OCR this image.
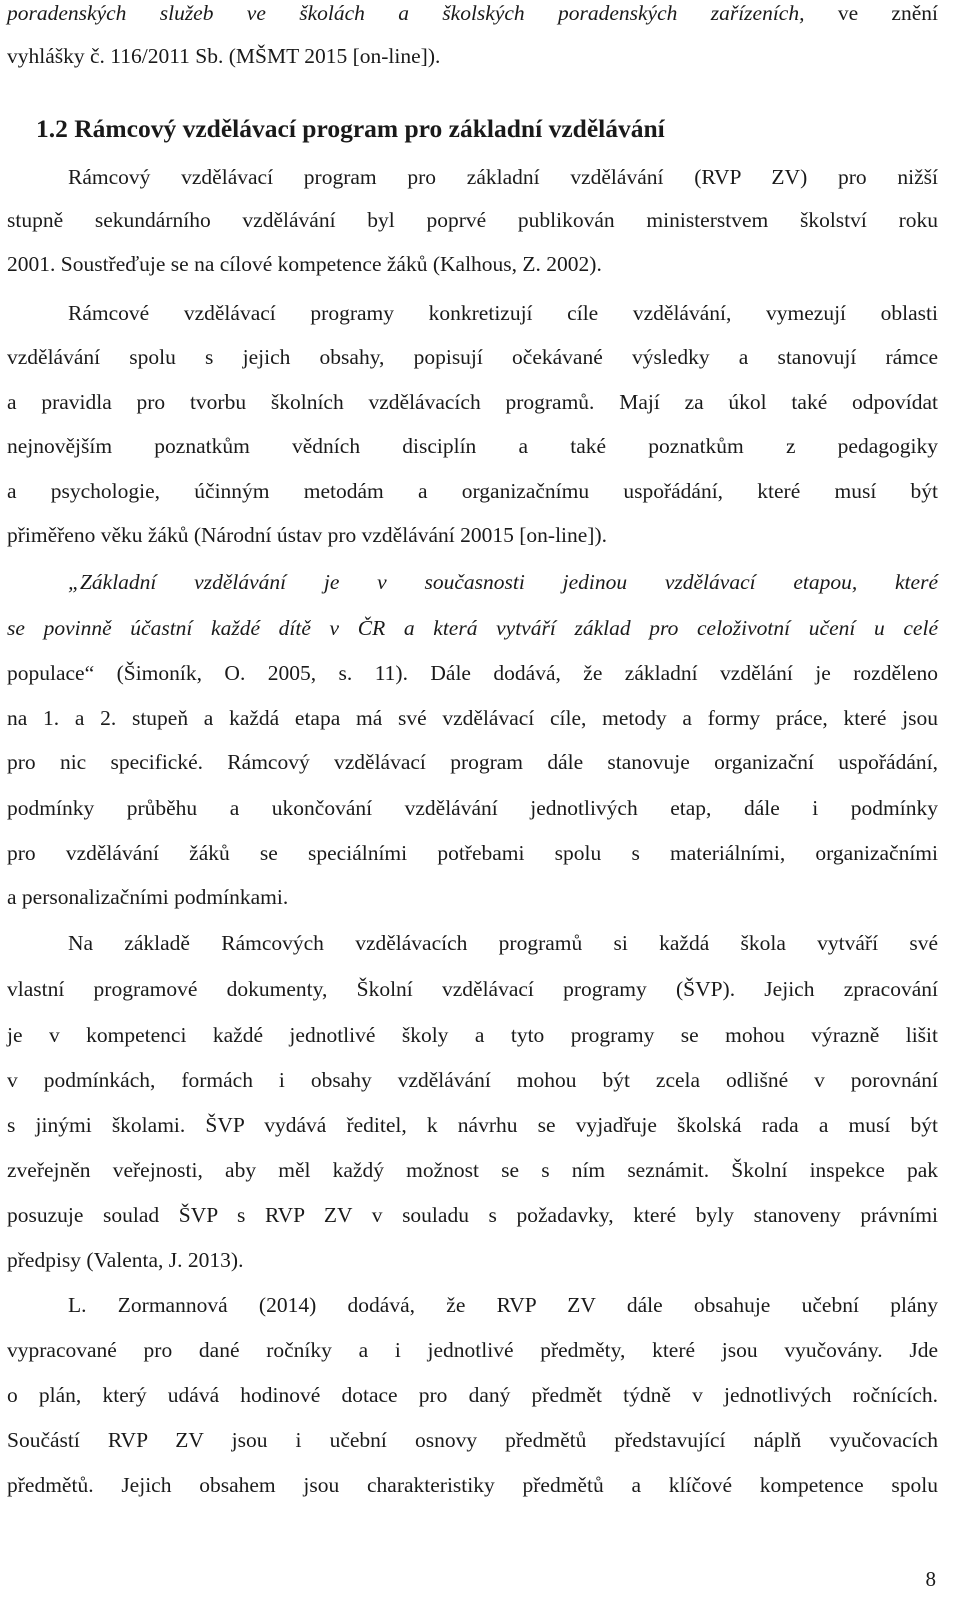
poradenských služeb ve školách a školských poradenských zařízeních, ve znění
vyhlášky č. 116/2011 Sb. (MŠMT 2015 [on-line]).
1.2 Rámcový vzdělávací program pro základní vzdělávání
Rámcový vzdělávací program pro základní vzdělávání (RVP ZV) pro nižší
stupně sekundárního vzdělávání byl poprvé publikován ministerstvem školství roku
2001. Soustřeďuje se na cílové kompetence žáků (Kalhous, Z. 2002).
Rámcové vzdělávací programy konkretizují cíle vzdělávání, vymezují oblasti
vzdělávání spolu s jejich obsahy, popisují očekávané výsledky a stanovují rámce
a pravidla pro tvorbu školních vzdělávacích programů. Mají za úkol také odpovídat
nejnovějším poznatkům vědních disciplín a také poznatkům z pedagogiky
a psychologie, účinným metodám a organizačnímu uspořádání, které musí být
přiměřeno věku žáků (Národní ústav pro vzdělávání 20015 [on-line]).
„Základní vzdělávání je v současnosti jedinou vzdělávací etapou, které
se povinně účastní každé dítě v ČR a která vytváří základ pro celoživotní učení u celé
populace“ (Šimoník, O. 2005, s. 11). Dále dodává, že základní vzdělání je rozděleno
na 1. a 2. stupeň a každá etapa má své vzdělávací cíle, metody a formy práce, které jsou
pro nic specifické. Rámcový vzdělávací program dále stanovuje organizační uspořádání,
podmínky průběhu a ukončování vzdělávání jednotlivých etap, dále i podmínky
pro vzdělávání žáků se speciálními potřebami spolu s materiálními, organizačními
a personalizačními podmínkami.
Na základě Rámcových vzdělávacích programů si každá škola vytváří své
vlastní programové dokumenty, Školní vzdělávací programy (ŠVP). Jejich zpracování
je v kompetenci každé jednotlivé školy a tyto programy se mohou výrazně lišit
v podmínkách, formách i obsahy vzdělávání mohou být zcela odlišné v porovnání
s jinými školami. ŠVP vydává ředitel, k návrhu se vyjadřuje školská rada a musí být
zveřejněn veřejnosti, aby měl každý možnost se s ním seznámit. Školní inspekce pak
posuzuje soulad ŠVP s RVP ZV v souladu s požadavky, které byly stanoveny právními
předpisy (Valenta, J. 2013).
L. Zormannová (2014) dodává, že RVP ZV dále obsahuje učební plány
vypracované pro dané ročníky a i jednotlivé předměty, které jsou vyučovány. Jde
o plán, který udává hodinové dotace pro daný předmět týdně v jednotlivých ročnících.
Součástí RVP ZV jsou i učební osnovy předmětů představující náplň vyučovacích
předmětů. Jejich obsahem jsou charakteristiky předmětů a klíčové kompetence spolu
8
